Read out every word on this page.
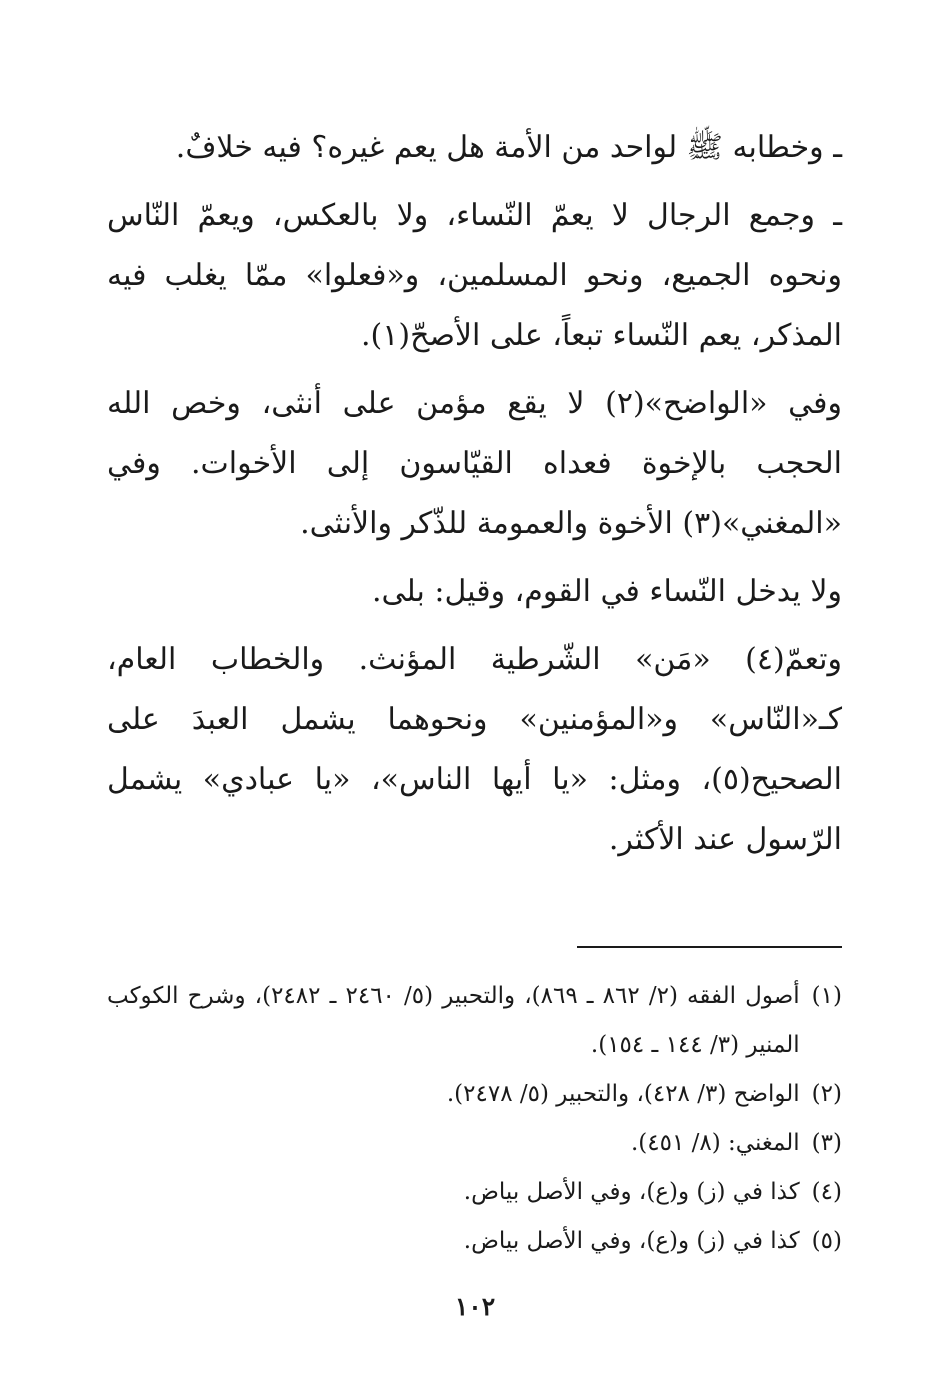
ـ وخطابه ﷺ لواحد من الأمة هل يعم غيره؟ فيه خلافٌ.

ـ وجمع الرجال لا يعمّ النّساء، ولا بالعكس، ويعمّ النّاس ونحوه الجميع، ونحو المسلمين، و«فعلوا» ممّا يغلب فيه المذكر، يعم النّساء تبعاً، على الأصحّ(١).

وفي «الواضح»(٢) لا يقع مؤمن على أنثى، وخص الله الحجب بالإخوة فعداه القيّاسون إلى الأخوات. وفي «المغني»(٣) الأخوة والعمومة للذّكر والأنثى.

ولا يدخل النّساء في القوم، وقيل: بلى.

وتعمّ(٤) «مَن» الشّرطية المؤنث. والخطاب العام، كـ«النّاس» و«المؤمنين» ونحوهما يشمل العبدَ على الصحيح(٥)، ومثل: «يا أيها الناس»، «يا عبادي» يشمل الرّسول عند الأكثر.

(١)
أصول الفقه (٢/ ٨٦٢ ـ ٨٦٩)، والتحبير (٥/ ٢٤٦٠ ـ ٢٤٨٢)، وشرح الكوكب المنير (٣/ ١٤٤ ـ ١٥٤).
(٢)
الواضح (٣/ ٤٢٨)، والتحبير (٥/ ٢٤٧٨).
(٣)
المغني: (٨/ ٤٥١).
(٤)
كذا في (ز) و(ع)، وفي الأصل بياض.
(٥)
كذا في (ز) و(ع)، وفي الأصل بياض.
١٠٢
